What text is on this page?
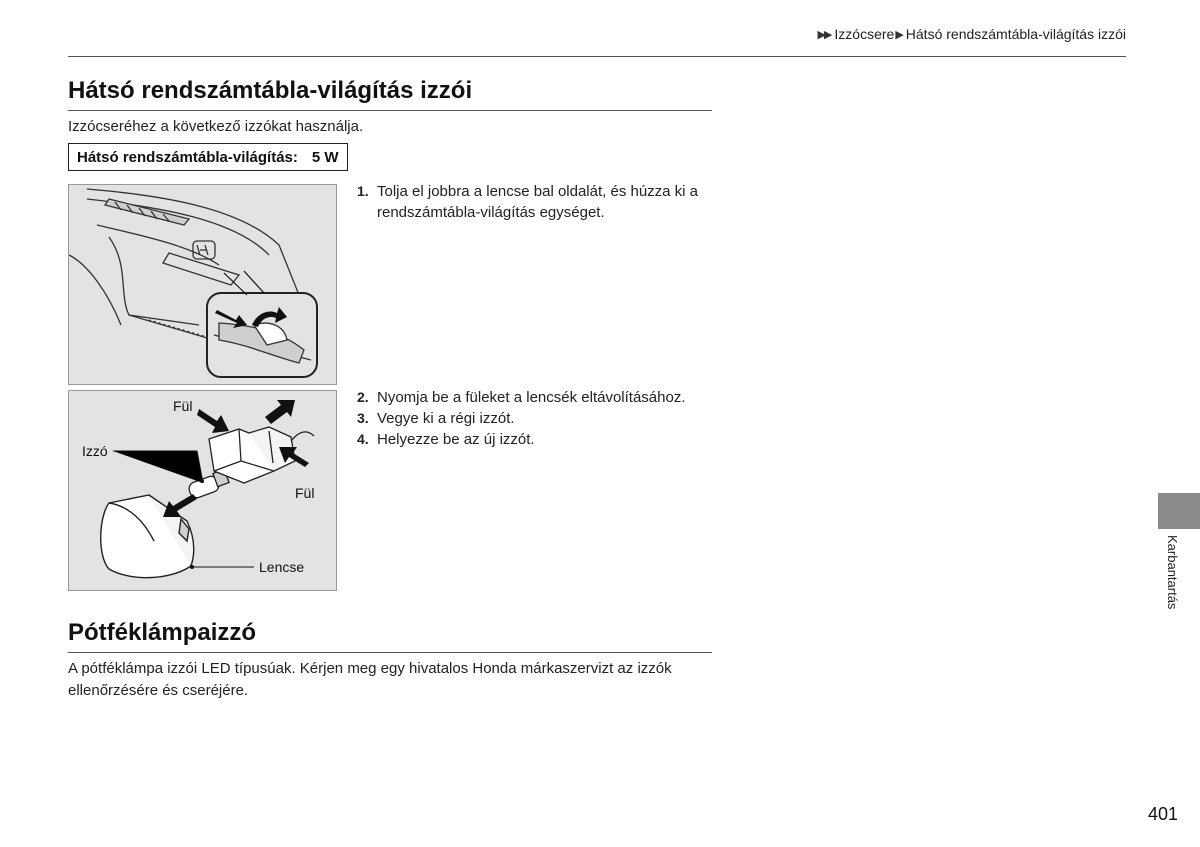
▶▶ Izzócsere ▶ Hátsó rendszámtábla-világítás izzói
Hátsó rendszámtábla-világítás izzói
Izzócseréhez a következő izzókat használja.
Hátsó rendszámtábla-világítás: 5 W
Fül
Izzó
Fül
Lencse
1. Tolja el jobbra a lencse bal oldalát, és húzza ki a rendszámtábla-világítás egységet.
2. Nyomja be a füleket a lencsék eltávolításához.
3. Vegye ki a régi izzót.
4. Helyezze be az új izzót.
Pótféklámpaizzó
A pótféklámpa izzói LED típusúak. Kérjen meg egy hivatalos Honda márkaszervizt az izzók ellenőrzésére és cseréjére.
Karbantartás
401
